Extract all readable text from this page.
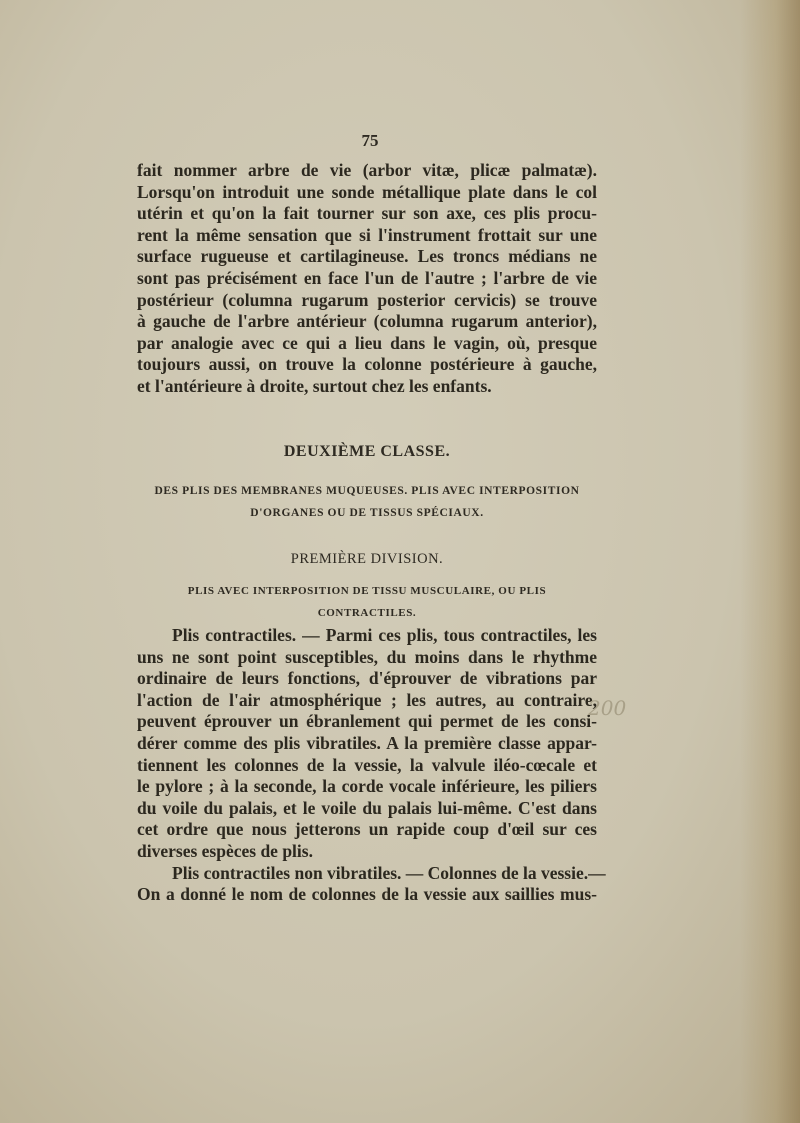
75
fait nommer arbre de vie (arbor vitæ, plicæ palmatæ).
Lorsqu'on introduit une sonde métallique plate dans le col
utérin et qu'on la fait tourner sur son axe, ces plis procu-
rent la même sensation que si l'instrument frottait sur une
surface rugueuse et cartilagineuse. Les troncs médians ne
sont pas précisément en face l'un de l'autre ; l'arbre de vie
postérieur (columna rugarum posterior cervicis) se trouve
à gauche de l'arbre antérieur (columna rugarum anterior),
par analogie avec ce qui a lieu dans le vagin, où, presque
toujours aussi, on trouve la colonne postérieure à gauche,
et l'antérieure à droite, surtout chez les enfants.
DEUXIÈME CLASSE.
DES PLIS DES MEMBRANES MUQUEUSES. PLIS AVEC INTERPOSITION
D'ORGANES OU DE TISSUS SPÉCIAUX.
PREMIÈRE DIVISION.
PLIS AVEC INTERPOSITION DE TISSU MUSCULAIRE, OU PLIS CONTRACTILES.
Plis contractiles. — Parmi ces plis, tous contractiles, les
uns ne sont point susceptibles, du moins dans le rhythme
ordinaire de leurs fonctions, d'éprouver de vibrations par
l'action de l'air atmosphérique ; les autres, au contraire,
peuvent éprouver un ébranlement qui permet de les consi-
dérer comme des plis vibratiles. A la première classe appar-
tiennent les colonnes de la vessie, la valvule iléo-cœcale et
le pylore ; à la seconde, la corde vocale inférieure, les piliers
du voile du palais, et le voile du palais lui-même. C'est dans
cet ordre que nous jetterons un rapide coup d'œil sur ces
diverses espèces de plis.
Plis contractiles non vibratiles. — Colonnes de la vessie.—
On a donné le nom de colonnes de la vessie aux saillies mus-
200
